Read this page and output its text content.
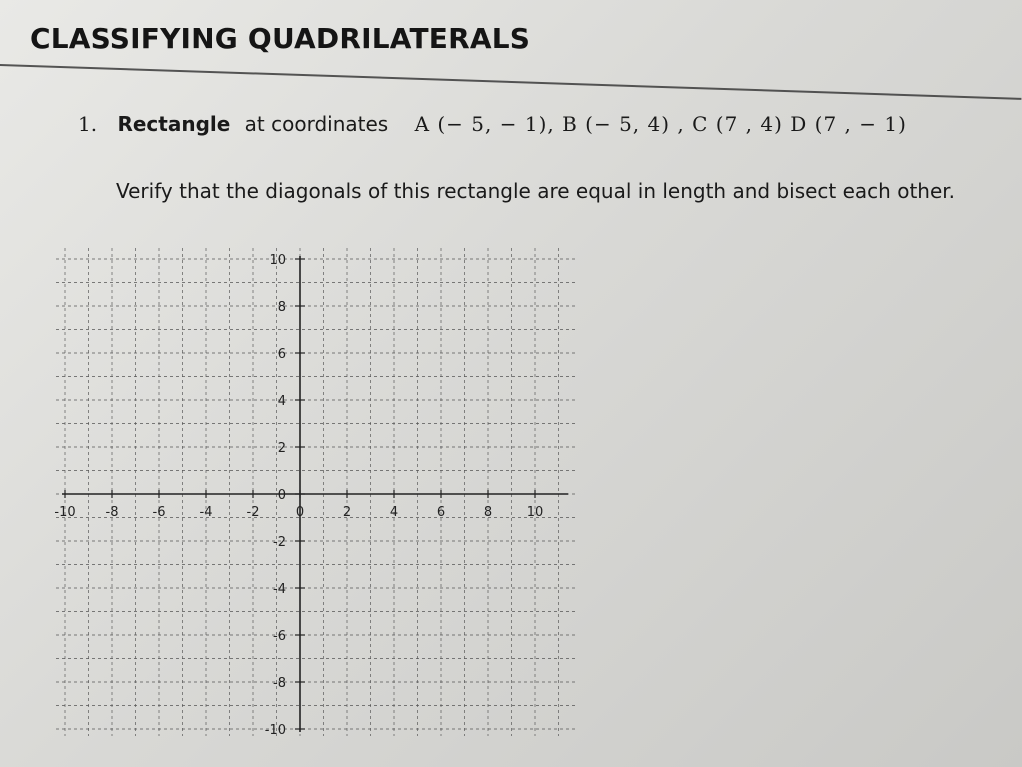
CLASSIFYING QUADRILATERALS
1. Rectangle at coordinates A (− 5, − 1), B (− 5, 4) , C (7 , 4) D (7 , − 1)
Verify that the diagonals of this rectangle are equal in length and bisect each other.
-10 -8	-6	-4	-2	0	2	4	6	8	10
10
8
6
4
2
0
-2
-4
-6
-8
-10
